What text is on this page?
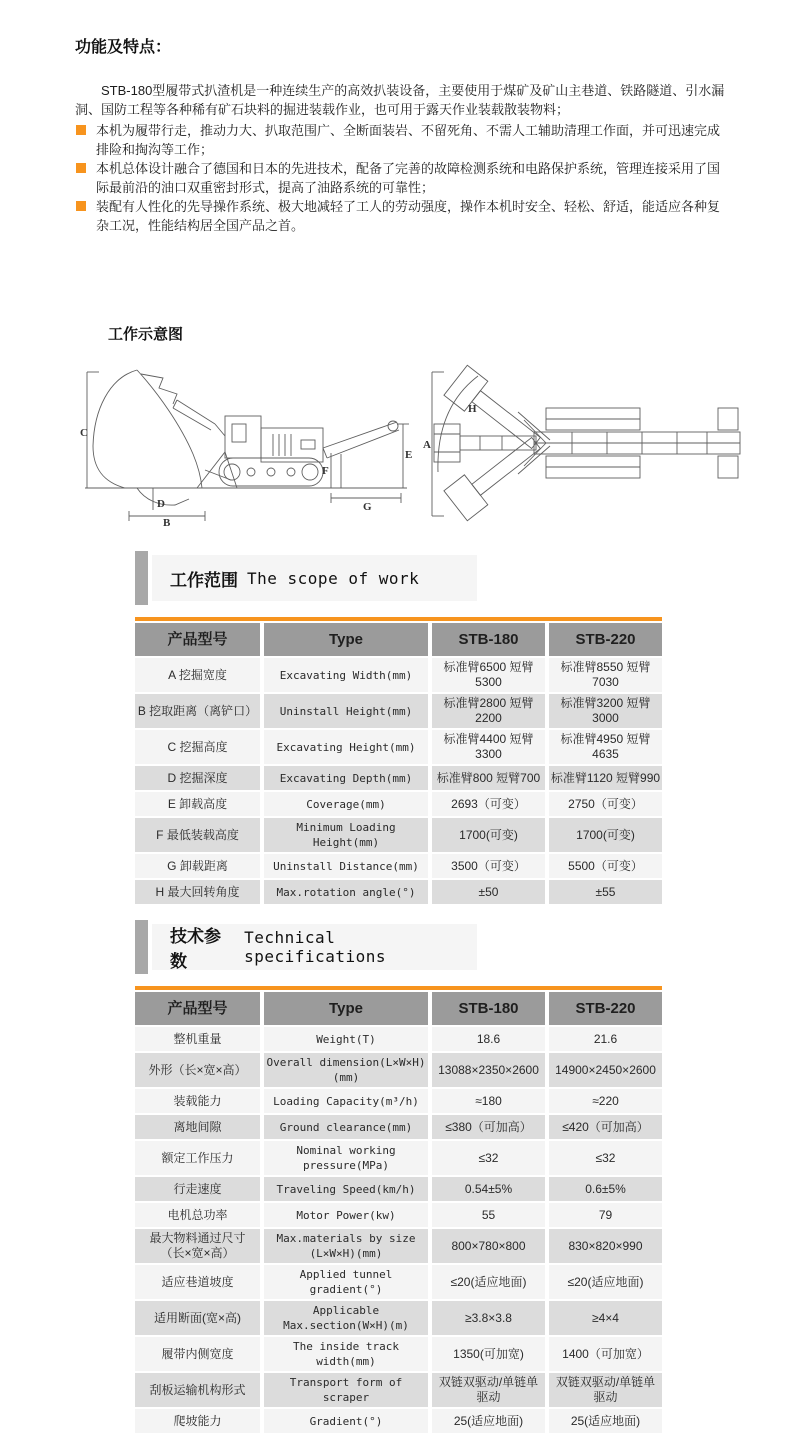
功能及特点：

STB-180型履带式扒渣机是一种连续生产的高效扒装设备，主要使用于煤矿及矿山主巷道、铁路隧道、引水漏洞、国防工程等各种稀有矿石块料的掘进装载作业，也可用于露天作业装载散装物料；

本机为履带行走，推动力大、扒取范围广、全断面装岩、不留死角、不需人工辅助清理工作面，并可迅速完成排险和掏沟等工作；
本机总体设计融合了德国和日本的先进技术，配备了完善的故障检测系统和电路保护系统，管理连接采用了国际最前沿的油口双重密封形式，提高了油路系统的可靠性；
装配有人性化的先导操作系统、极大地减轻了工人的劳动强度，操作本机时安全、轻松、舒适，能适应各种复杂工况，性能结构居全国产品之首。
工作示意图
C
D
B
E
F
G
H
A
工作范围 The scope of work
产品型号	Type	STB-180	STB-220
A 挖掘宽度	Excavating Width(mm)
标准臂6500 短臂5300
标准臂8550 短臂7030
B 挖取距离（离铲口）	Uninstall Height(mm)
标准臂2800 短臂2200
标准臂3200 短臂3000
C 挖掘高度	Excavating Height(mm)
标准臂4400 短臂3300
标准臂4950 短臂4635
D 挖掘深度	Excavating Depth(mm)	标准臂800 短臂700 标准臂1120 短臂990
E 卸载高度	Coverage(mm)	2693（可变）	2750（可变）
F 最低装载高度	Minimum Loading Height(mm)
1700(可变)	1700(可变)
G 卸载距离	Uninstall Distance(mm)	3500（可变）	5500（可变）
H 最大回转角度	Max.rotation angle(°)	±50	±55
技术参数
Technical specifications
产品型号	Type	STB-180	STB-220
整机重量	Weight(T)	18.6	21.6
外形（长×宽×高）	Overall dimension(L×W×H)(mm)
13088×2350×2600	14900×2450×2600
装载能力	Loading Capacity(m³/h)	≈180	≈220
离地间隙	Ground clearance(mm)	≤380（可加高）	≤420（可加高）
额定工作压力	Nominal working pressure(MPa)
≤32	≤32
行走速度	Traveling Speed(km/h)	0.54±5%	0.6±5%
电机总功率	Motor Power(kw)	55	79
最大物料通过尺寸
（长×宽×高）
Max.materials by size
(L×W×H)(mm)
800×780×800	830×820×990
适应巷道坡度	Applied tunnel gradient(°)
≤20(适应地面)	≤20(适应地面)
适用断面(宽×高)	Applicable Max.section(W×H)(m)
≥3.8×3.8	≥4×4
履带内侧宽度	The inside track width(mm)
1350(可加宽)	1400（可加宽）
刮板运输机构形式	Transport form of scraper
双链双驱动/单链单驱动
双链双驱动/单链单驱动
爬坡能力	Gradient(°)	25(适应地面)	25(适应地面)
